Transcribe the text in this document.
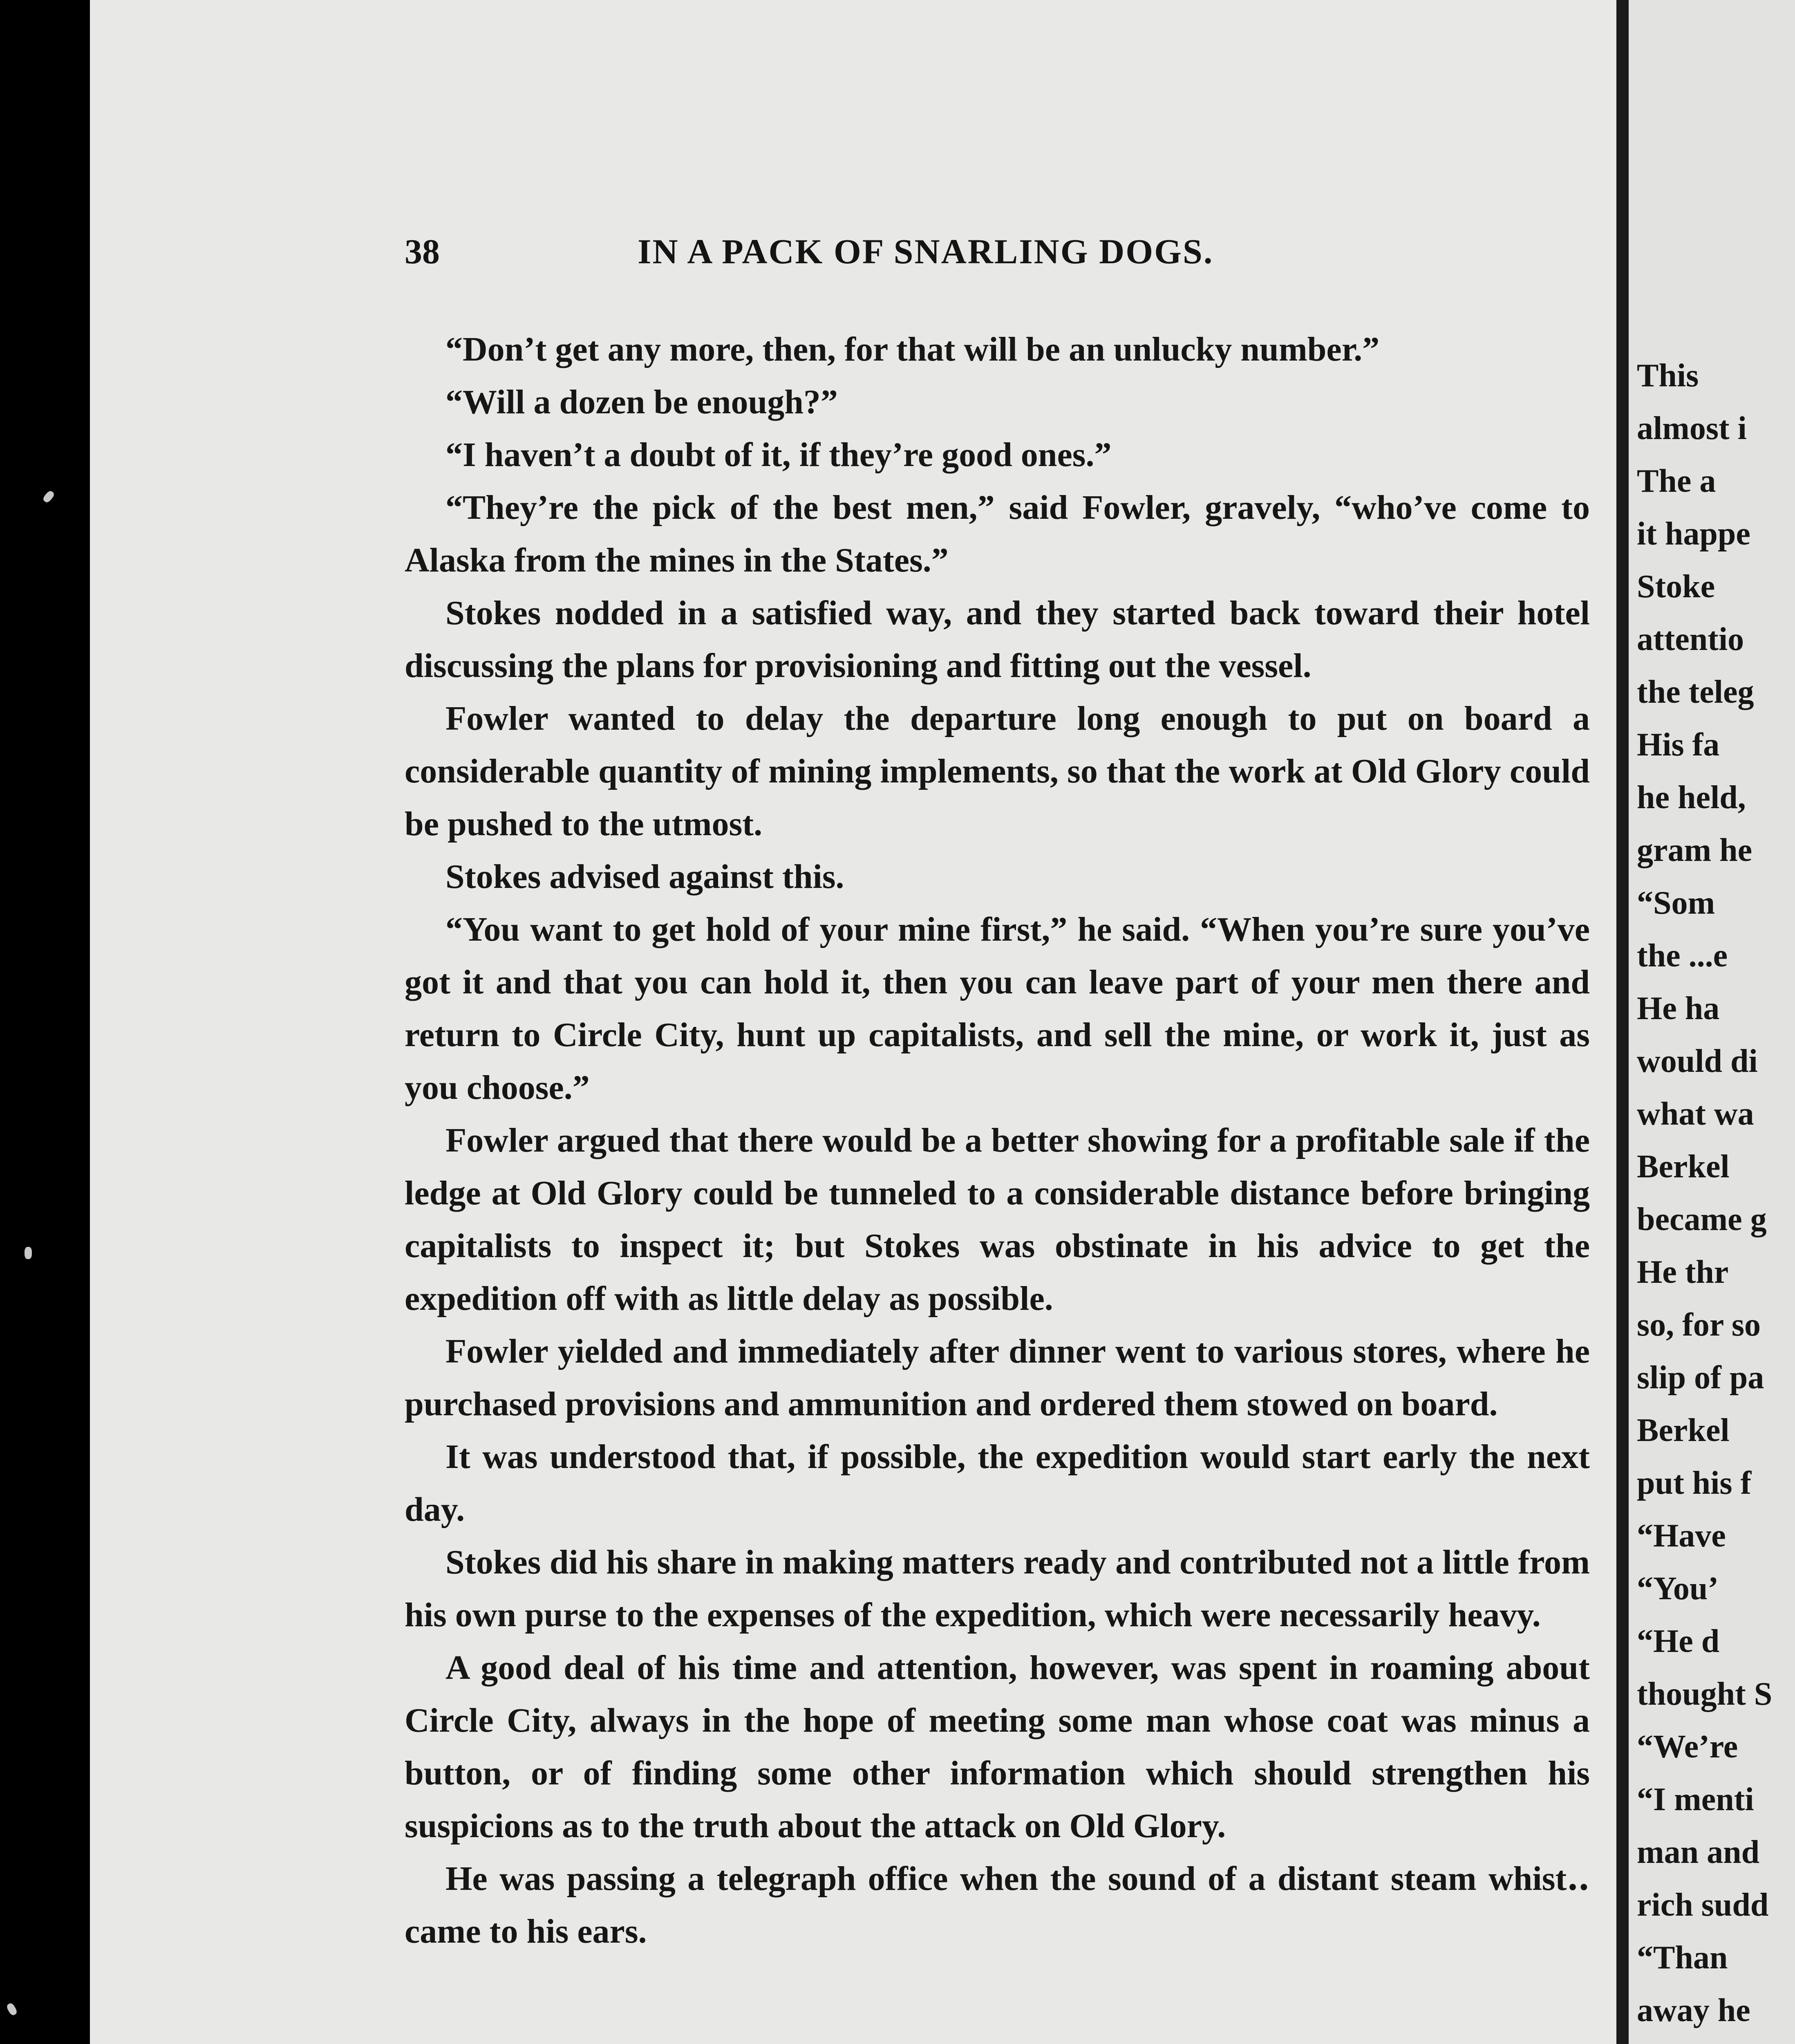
38	IN A PACK OF SNARLING DOGS.

“Don’t get any more, then, for that will be an unlucky number.”

“Will a dozen be enough?”

“I haven’t a doubt of it, if they’re good ones.”

“They’re the pick of the best men,” said Fowler, gravely, “who’ve come to Alaska from the mines in the States.”

Stokes nodded in a satisfied way, and they started back toward their hotel discussing the plans for provisioning and fitting out the vessel.

Fowler wanted to delay the departure long enough to put on board a considerable quantity of mining implements, so that the work at Old Glory could be pushed to the utmost.

Stokes advised against this.

“You want to get hold of your mine first,” he said. “When you’re sure you’ve got it and that you can hold it, then you can leave part of your men there and return to Circle City, hunt up capitalists, and sell the mine, or work it, just as you choose.”

Fowler argued that there would be a better showing for a profitable sale if the ledge at Old Glory could be tunneled to a considerable distance before bringing capitalists to inspect it; but Stokes was obstinate in his advice to get the expedition off with as little delay as possible.

Fowler yielded and immediately after dinner went to various stores, where he purchased provisions and ammunition and ordered them stowed on board.

It was understood that, if possible, the expedition would start early the next day.

Stokes did his share in making matters ready and contributed not a little from his own purse to the expenses of the expedition, which were necessarily heavy.

A good deal of his time and attention, however, was spent in roaming about Circle City, always in the hope of meeting some man whose coat was minus a button, or of finding some other information which should strengthen his suspicions as to the truth about the attack on Old Glory.

He was passing a telegraph office when the sound of a distant steam whist‥ came to his ears.

This
almost i
The a
it happe
Stoke
attentio
the teleg
His fa
he held,
gram he
“Som
the ...e
He ha
would di
what wa
Berkel
became g
He thr
so, for so
slip of pa
Berkel
put his f
“Have
“You’
“He d
thought S
“We’re
“I menti
man and
rich sudd
“Than
away he
